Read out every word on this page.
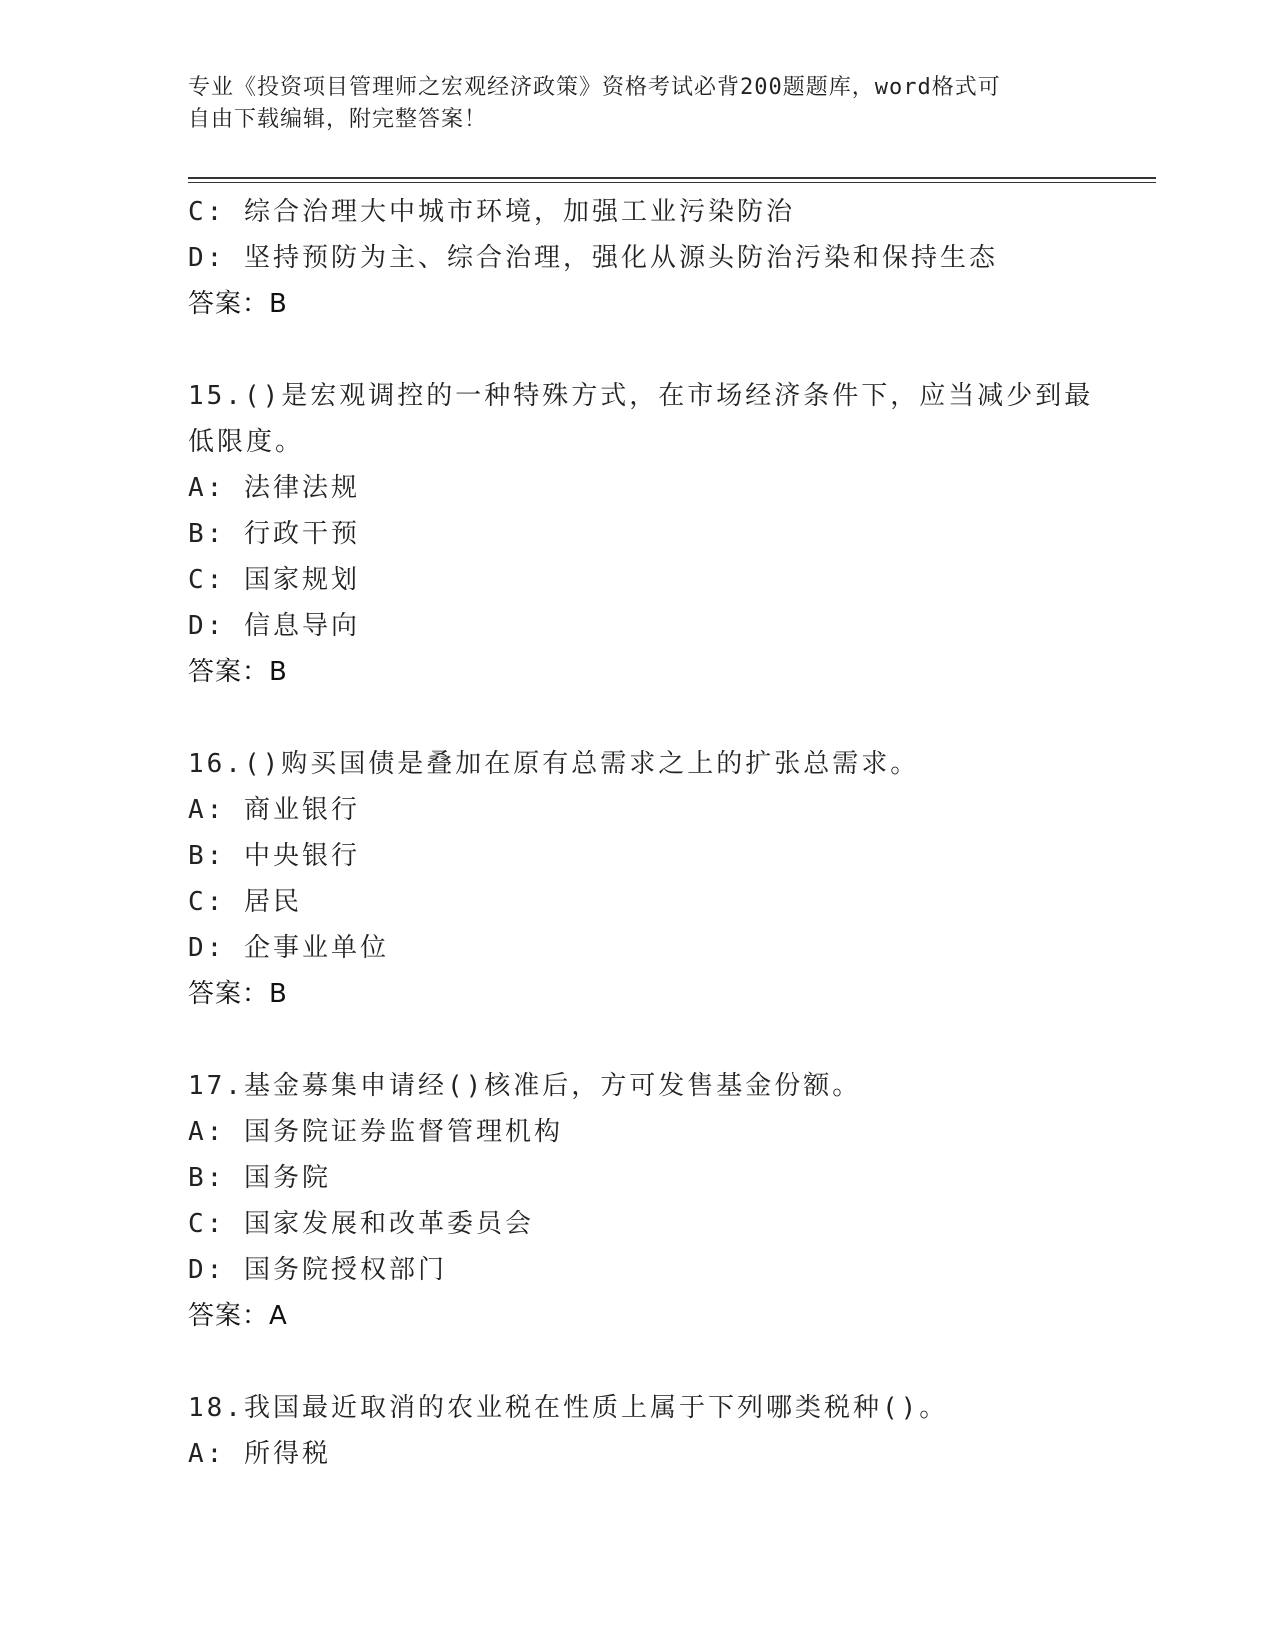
专业《投资项目管理师之宏观经济政策》资格考试必背200题题库，word格式可
自由下载编辑，附完整答案！
C: 综合治理大中城市环境，加强工业污染防治
D: 坚持预防为主、综合治理，强化从源头防治污染和保持生态
答案：B
15.()是宏观调控的一种特殊方式，在市场经济条件下，应当减少到最
低限度。
A: 法律法规
B: 行政干预
C: 国家规划
D: 信息导向
答案：B
16.()购买国债是叠加在原有总需求之上的扩张总需求。
A: 商业银行
B: 中央银行
C: 居民
D: 企事业单位
答案：B
17.基金募集申请经()核准后，方可发售基金份额。
A: 国务院证券监督管理机构
B: 国务院
C: 国家发展和改革委员会
D: 国务院授权部门
答案：A
18.我国最近取消的农业税在性质上属于下列哪类税种()。
A: 所得税
